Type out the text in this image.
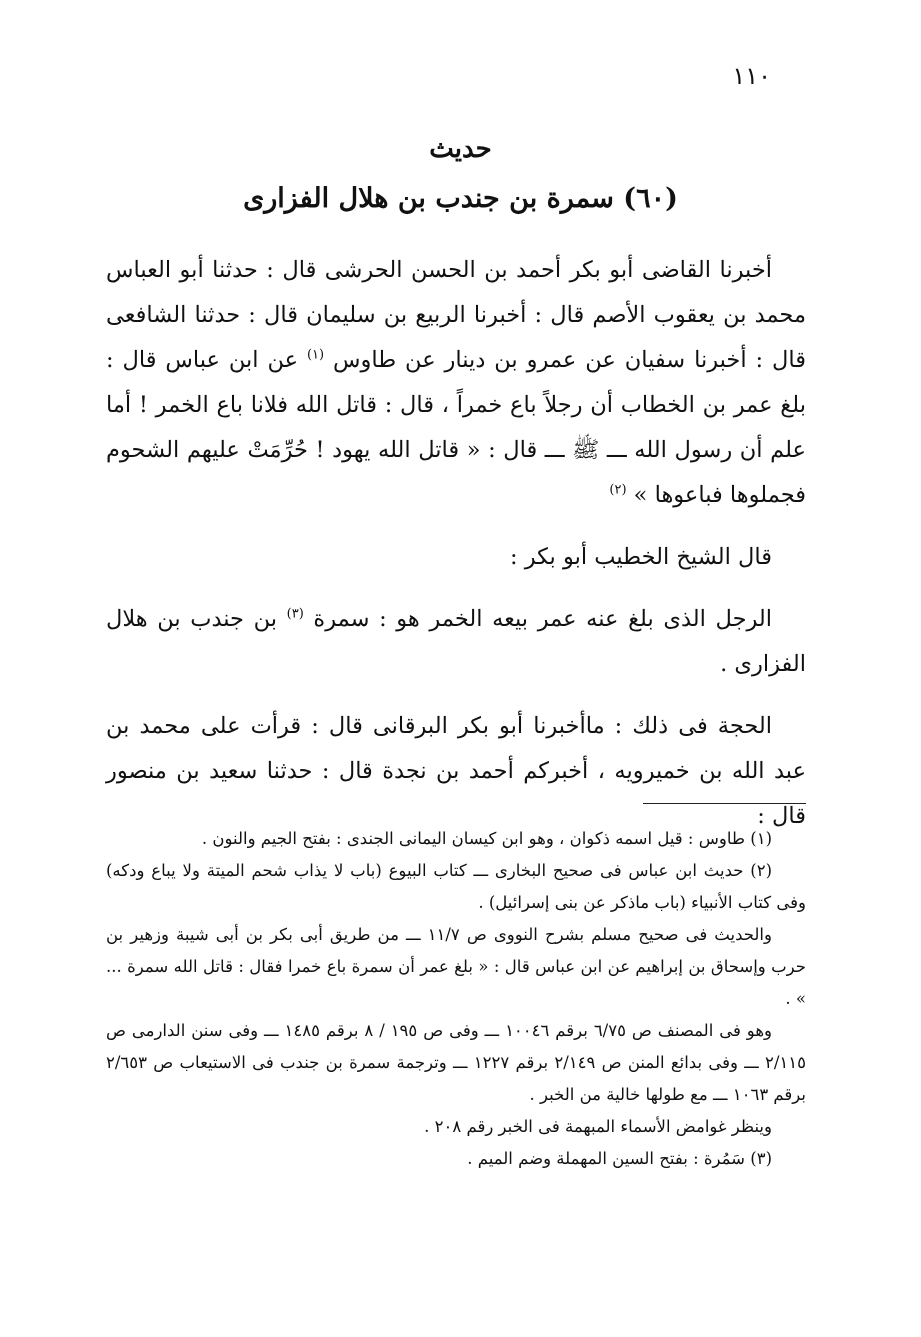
١١٠
حديث
(٦٠) سمرة بن جندب بن هلال الفزارى

أخبرنا القاضى أبو بكر أحمد بن الحسن الحرشى قال : حدثنا أبو العباس محمد بن يعقوب الأصم قال : أخبرنا الربيع بن سليمان قال : حدثنا الشافعى قال : أخبرنا سفيان عن عمرو بن دينار عن طاوس $^{(١)}$ عن ابن عباس قال : بلغ عمر بن الخطاب أن رجلاً باع خمراً ، قال : قاتل الله فلانا باع الخمر ! أما علم أن رسول الله ـــ ﷺ ـــ قال : « قاتل الله يهود ! حُرِّمَتْ عليهم الشحوم فجملوها فباعوها » $^{(٢)}$

قال الشيخ الخطيب أبو بكر :

الرجل الذى بلغ عنه عمر بيعه الخمر هو : سمرة $^{(٣)}$ بن جندب بن هلال الفزارى .

الحجة فى ذلك : ماأخبرنا أبو بكر البرقانى قال : قرأت على محمد بن عبد الله بن خميرويه ، أخبركم أحمد بن نجدة قال : حدثنا سعيد بن منصور قال :

(١) طاوس : قيل اسمه ذكوان ، وهو ابن كيسان اليمانى الجندى : بفتح الجيم والنون .

(٢) حديث ابن عباس فى صحيح البخارى ـــ كتاب البيوع (باب لا يذاب شحم الميتة ولا يباع ودكه) وفى كتاب الأنبياء (باب ماذكر عن بنى إسرائيل) .

والحديث فى صحيح مسلم بشرح النووى ص ١١/٧ ـــ من طريق أبى بكر بن أبى شيبة وزهير بن حرب وإسحاق بن إبراهيم عن ابن عباس قال : « بلغ عمر أن سمرة باع خمرا فقال : قاتل الله سمرة ... » .

وهو فى المصنف ص ٦/٧٥ برقم ١٠٠٤٦ ـــ وفى ص ١٩٥ / ٨ برقم ١٤٨٥ ـــ وفى سنن الدارمى ص ٢/١١٥ ـــ وفى بدائع المنن ص ٢/١٤٩ برقم ١٢٢٧ ـــ وترجمة سمرة بن جندب فى الاستيعاب ص ٢/٦٥٣ برقم ١٠٦٣ ـــ مع طولها خالية من الخبر .

وينظر غوامض الأسماء المبهمة فى الخبر رقم ٢٠٨ .

(٣) سَمُرة : بفتح السين المهملة وضم الميم .
